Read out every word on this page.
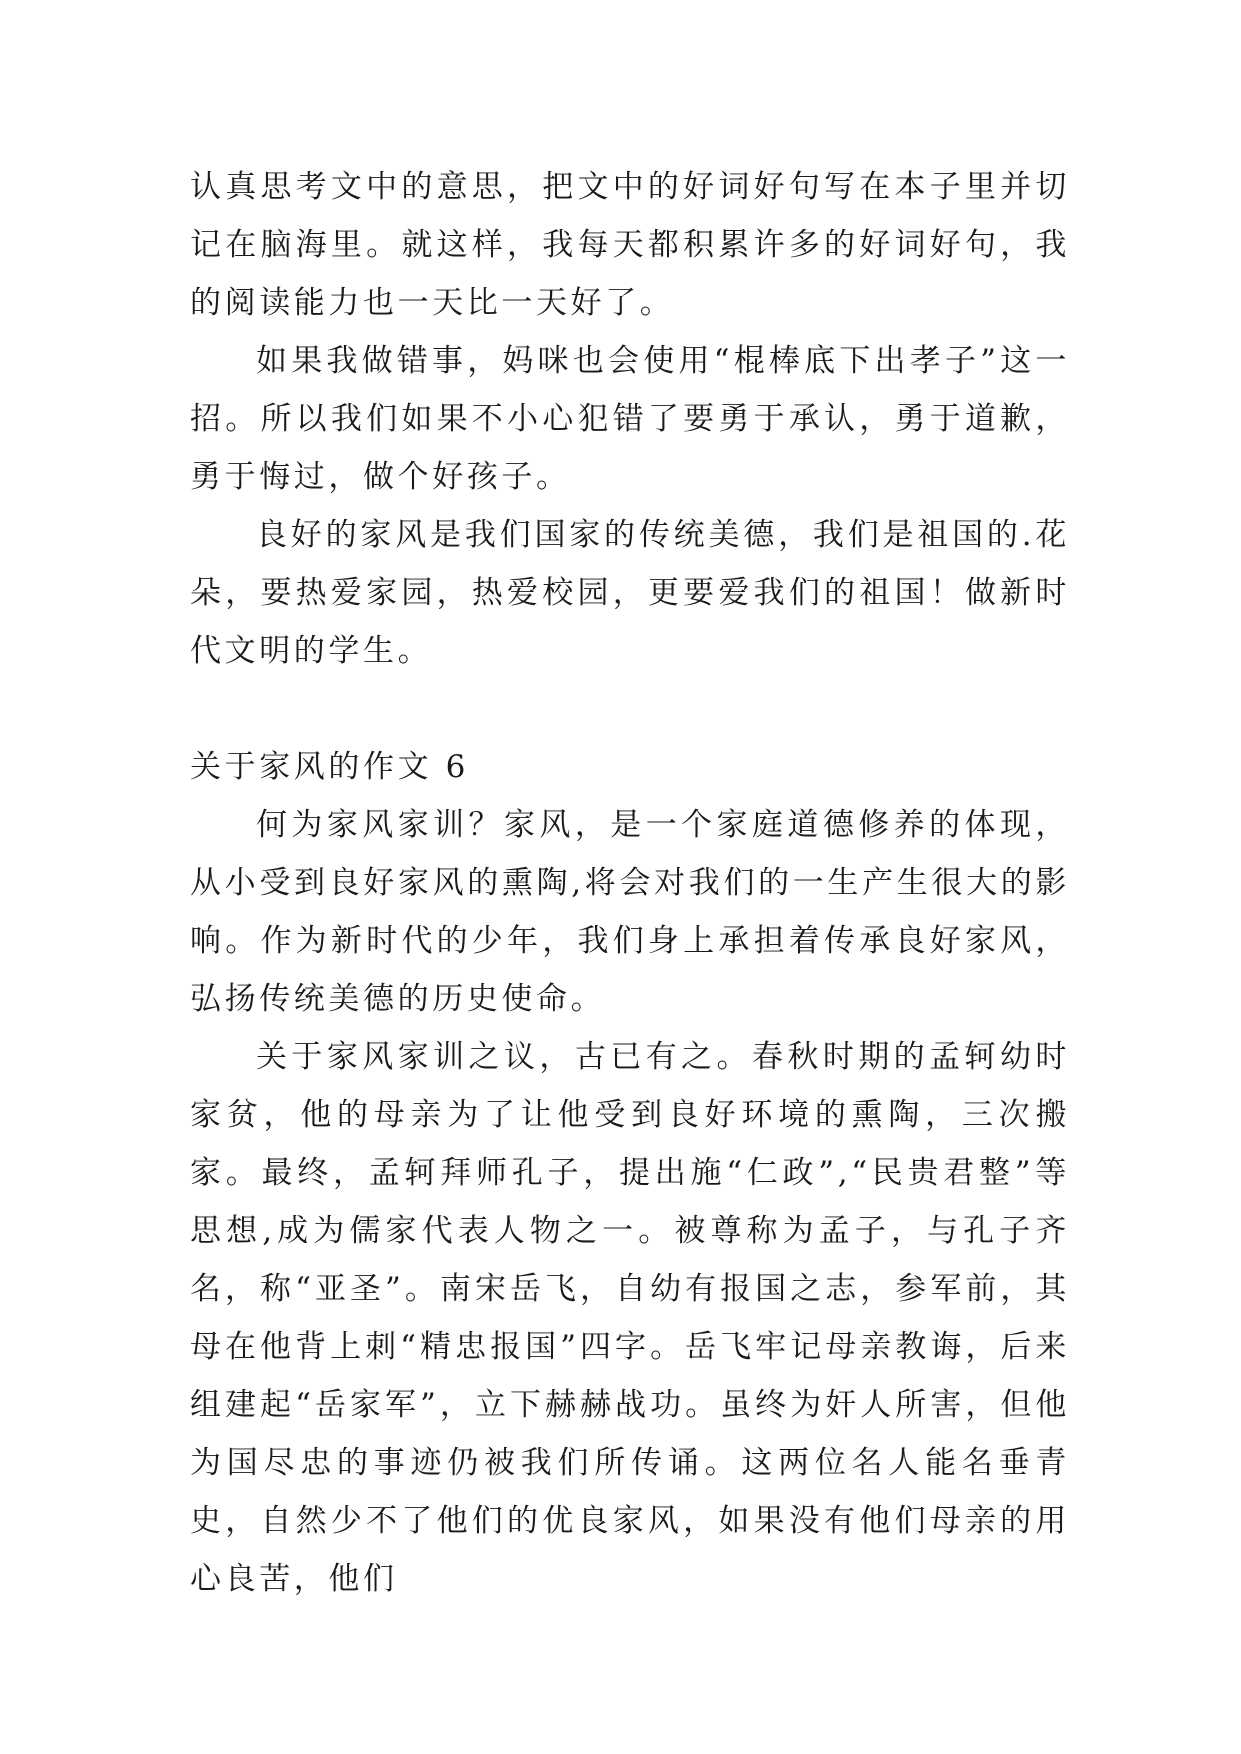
认真思考文中的意思，把文中的好词好句写在本子里并切记在脑海里。就这样，我每天都积累许多的好词好句，我的阅读能力也一天比一天好了。

如果我做错事，妈咪也会使用“棍棒底下出孝子”这一招。所以我们如果不小心犯错了要勇于承认，勇于道歉，勇于悔过，做个好孩子。

良好的家风是我们国家的传统美德，我们是祖国的.花朵，要热爱家园，热爱校园，更要爱我们的祖国！做新时代文明的学生。

关于家风的作文 6

何为家风家训？家风，是一个家庭道德修养的体现，从小受到良好家风的熏陶,将会对我们的一生产生很大的影响。作为新时代的少年，我们身上承担着传承良好家风，弘扬传统美德的历史使命。

关于家风家训之议，古已有之。春秋时期的孟轲幼时家贫，他的母亲为了让他受到良好环境的熏陶，三次搬家。最终，孟轲拜师孔子，提出施“仁政”,“民贵君整”等思想,成为儒家代表人物之一。被尊称为孟子，与孔子齐名，称“亚圣”。南宋岳飞，自幼有报国之志，参军前，其母在他背上刺“精忠报国”四字。岳飞牢记母亲教诲，后来组建起“岳家军”，立下赫赫战功。虽终为奸人所害，但他为国尽忠的事迹仍被我们所传诵。这两位名人能名垂青史，自然少不了他们的优良家风，如果没有他们母亲的用心良苦，他们
